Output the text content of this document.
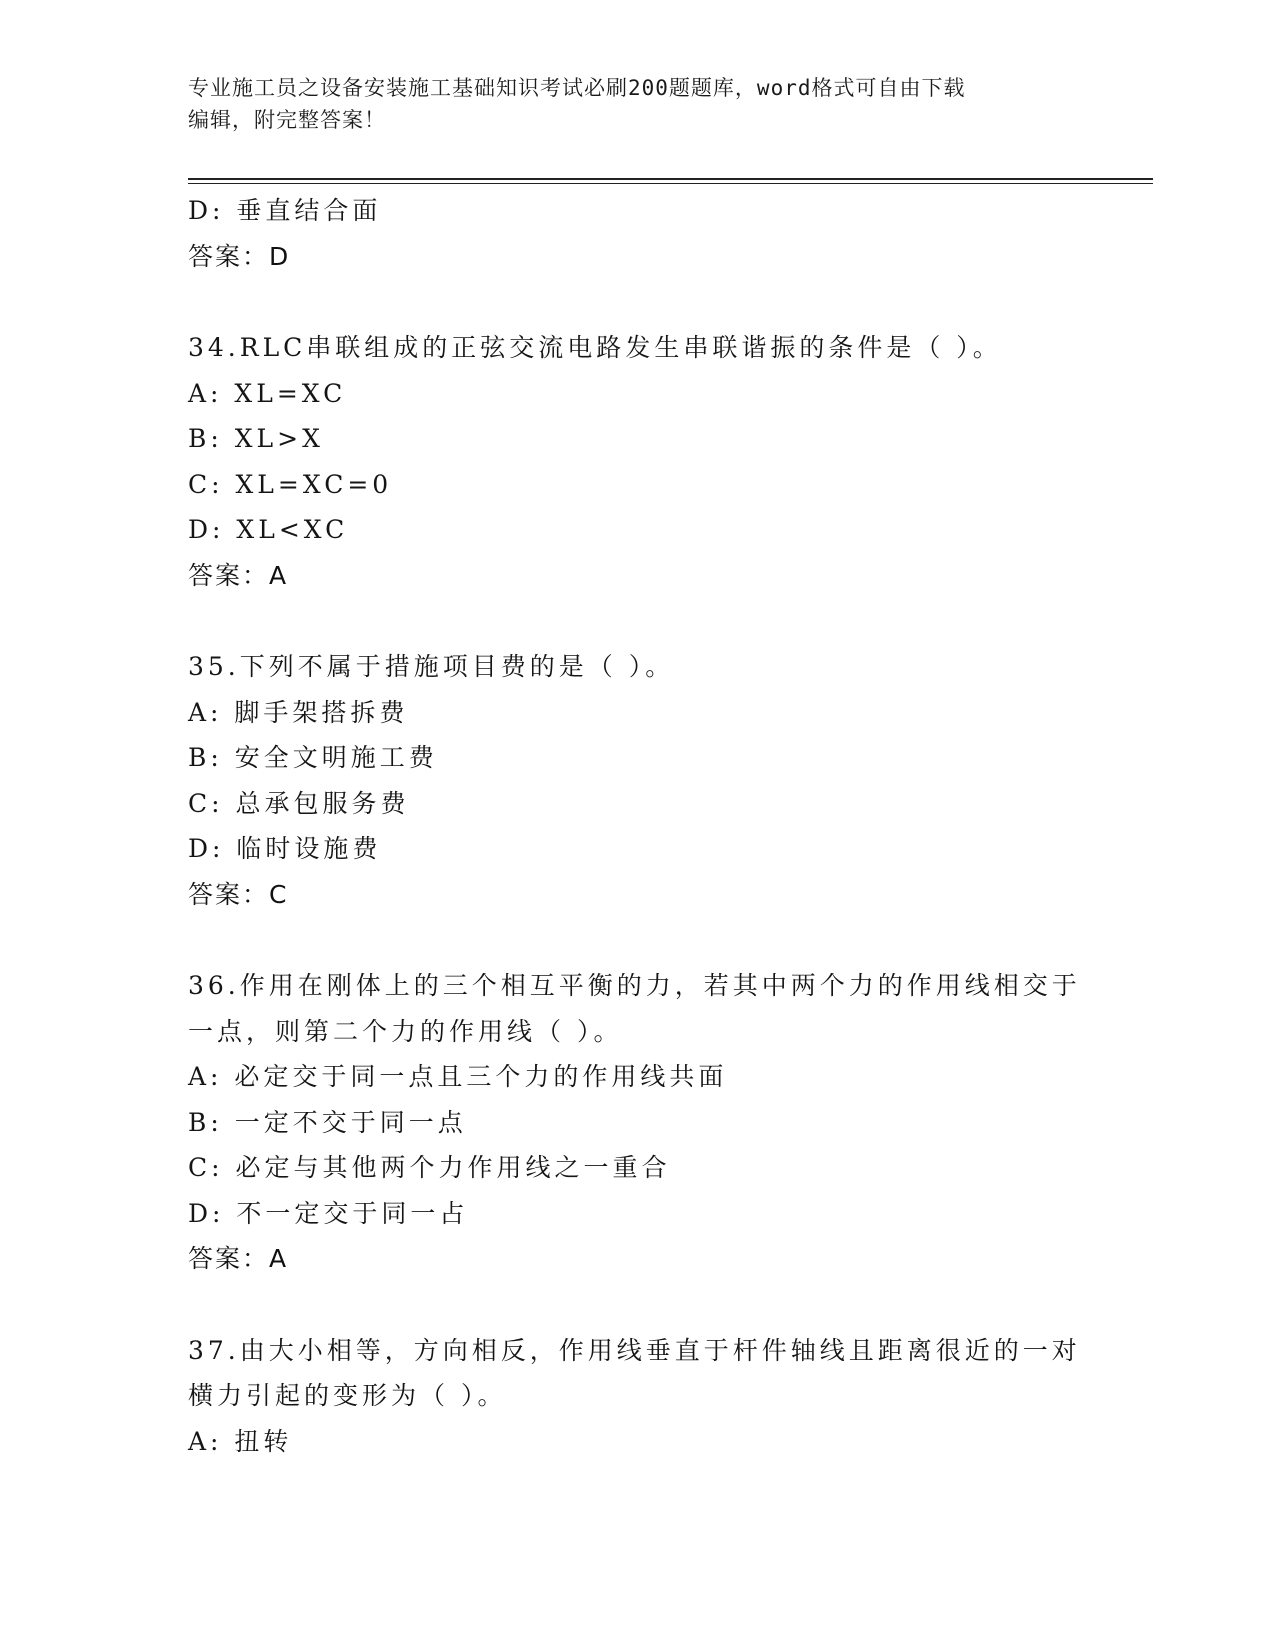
专业施工员之设备安装施工基础知识考试必刷200题题库，word格式可自由下载
编辑，附完整答案！
D: 垂直结合面
答案：D
34.RLC串联组成的正弦交流电路发生串联谐振的条件是（ ）。
A: XL=XC
B: XL>X
C: XL=XC=0
D: XL<XC
答案：A
35.下列不属于措施项目费的是（ ）。
A: 脚手架搭拆费
B: 安全文明施工费
C: 总承包服务费
D: 临时设施费
答案：C
36.作用在刚体上的三个相互平衡的力，若其中两个力的作用线相交于
一点，则第二个力的作用线（ ）。
A: 必定交于同一点且三个力的作用线共面
B: 一定不交于同一点
C: 必定与其他两个力作用线之一重合
D: 不一定交于同一占
答案：A
37.由大小相等，方向相反，作用线垂直于杆件轴线且距离很近的一对
横力引起的变形为（ ）。
A: 扭转
